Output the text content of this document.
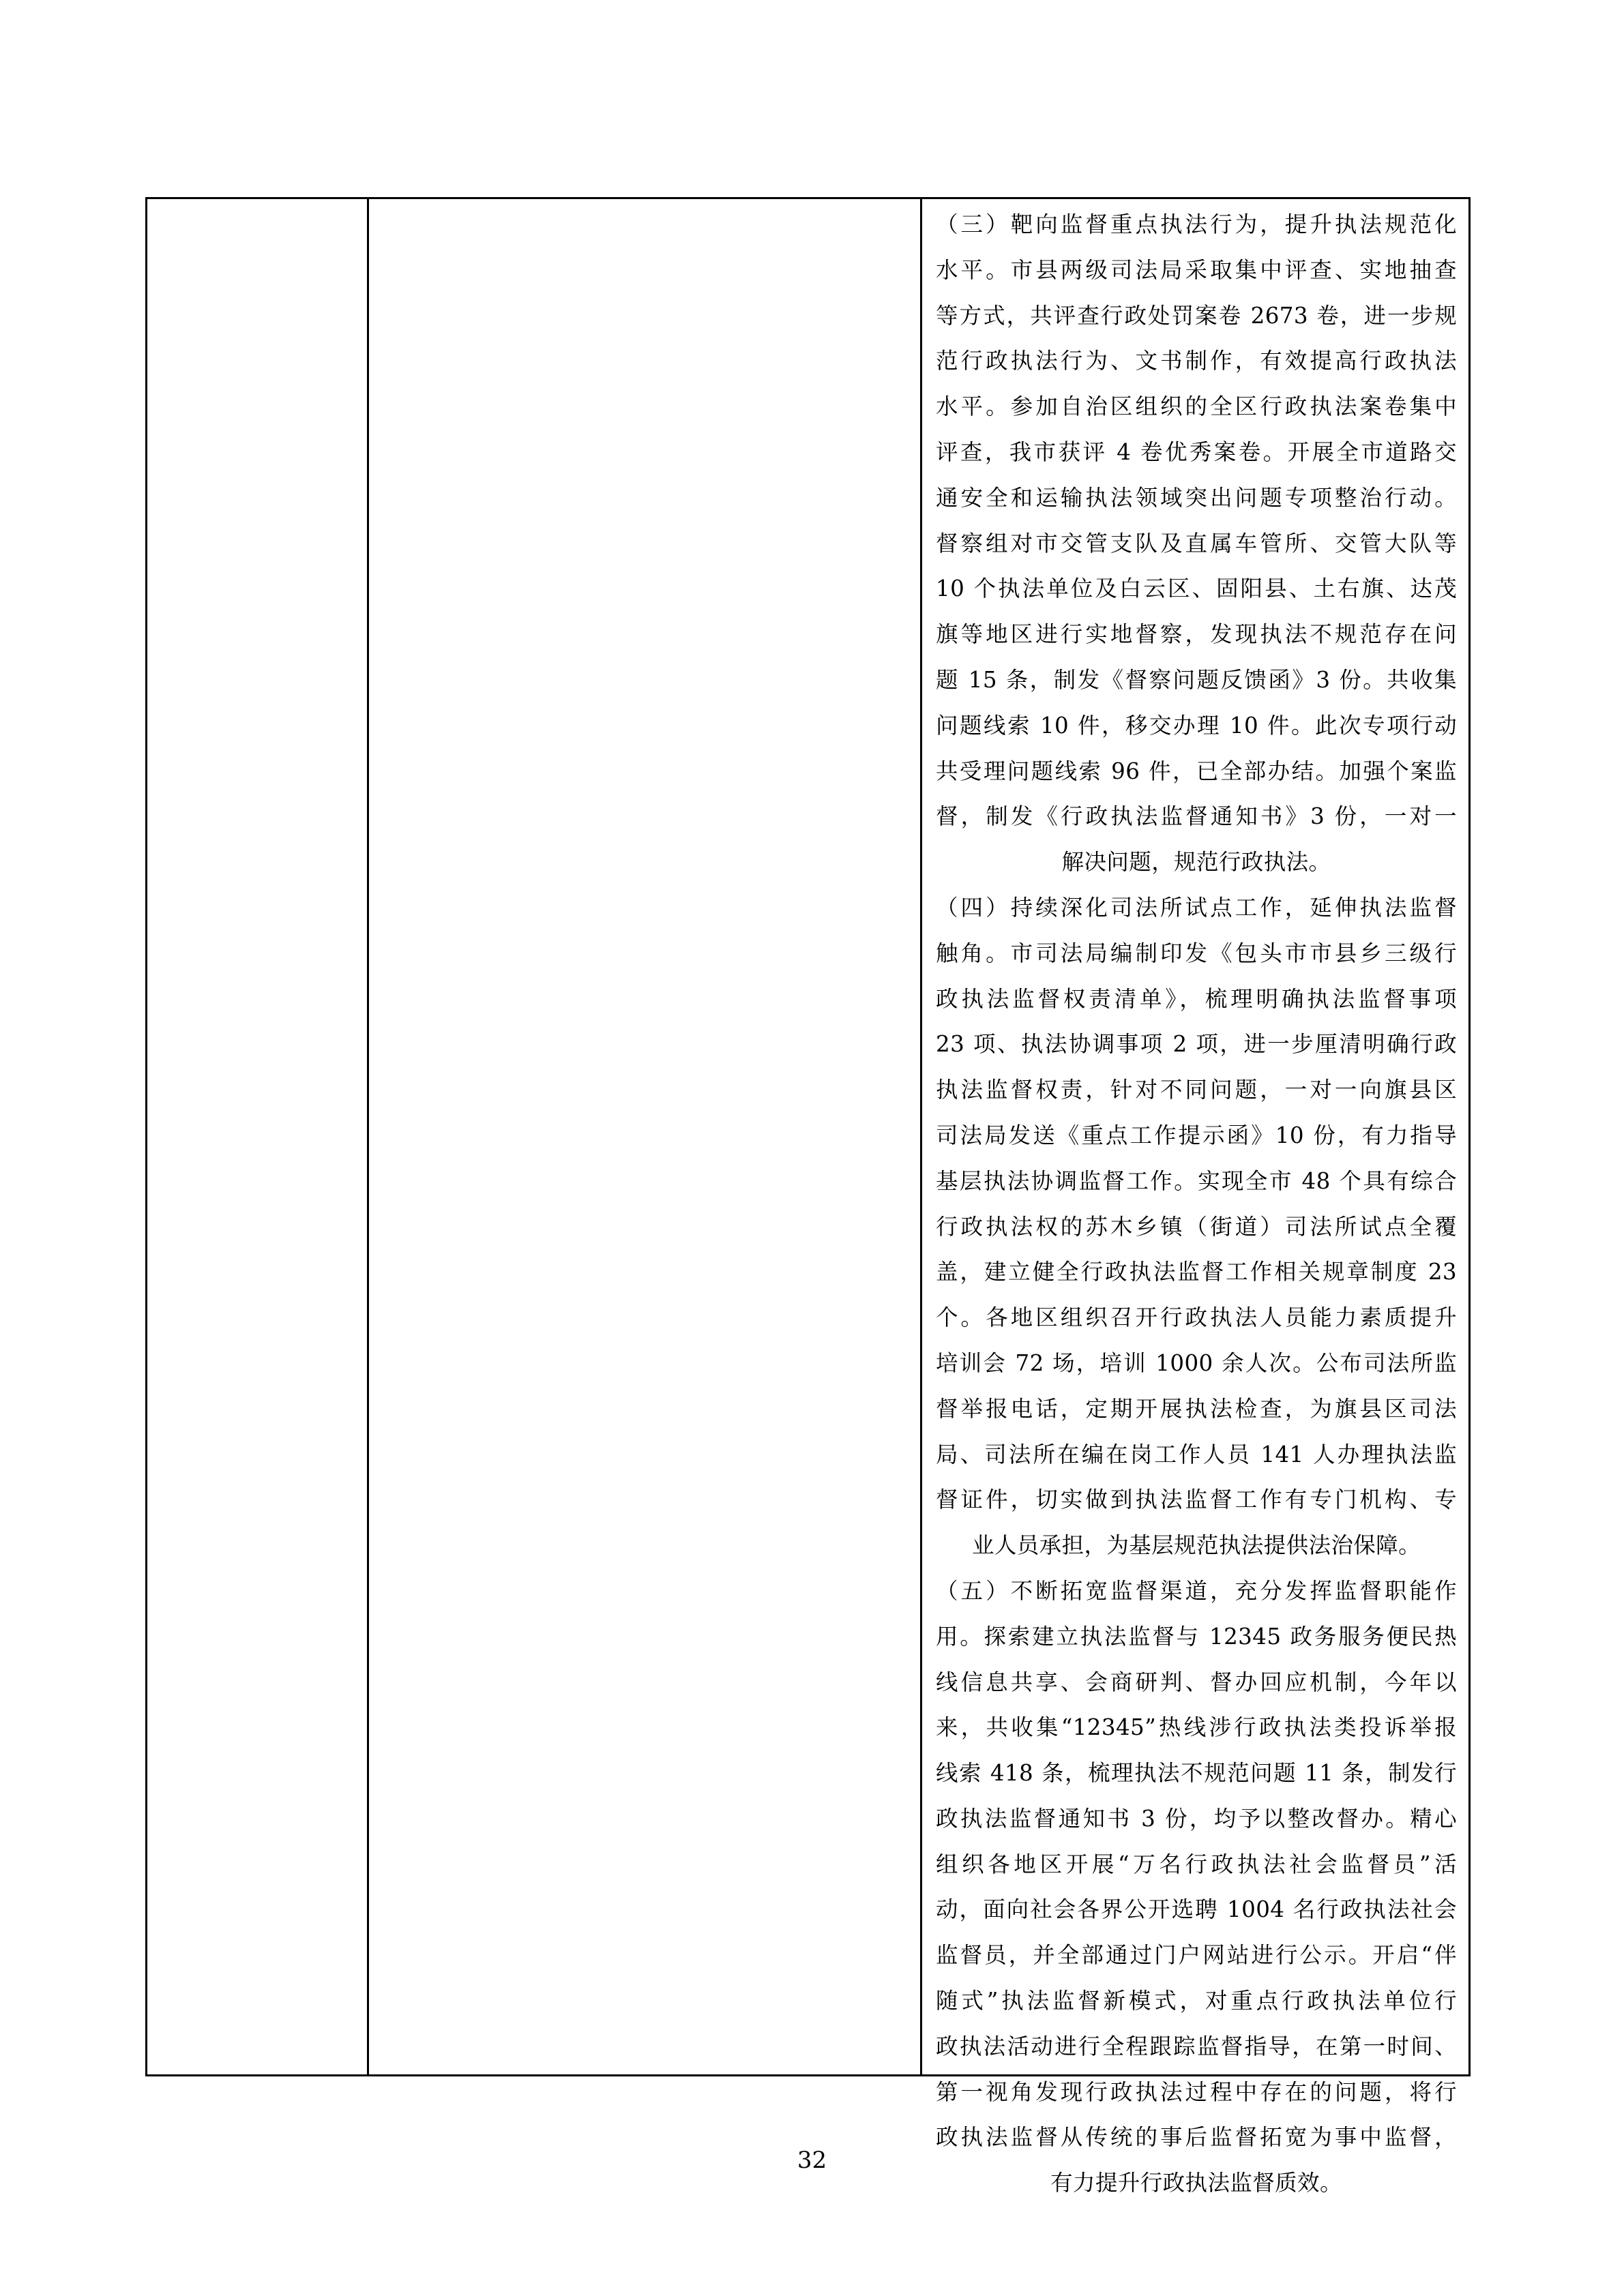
（三）靶向监督重点执法行为，提升执法规范化
水平。市县两级司法局采取集中评查、实地抽查
等方式，共评查行政处罚案卷 2673 卷，进一步规
范行政执法行为、文书制作，有效提高行政执法
水平。参加自治区组织的全区行政执法案卷集中
评查，我市获评 4 卷优秀案卷。开展全市道路交
通安全和运输执法领域突出问题专项整治行动。
督察组对市交管支队及直属车管所、交管大队等
10 个执法单位及白云区、固阳县、土右旗、达茂
旗等地区进行实地督察，发现执法不规范存在问
题 15 条，制发《督察问题反馈函》3 份。共收集
问题线索 10 件，移交办理 10 件。此次专项行动
共受理问题线索 96 件，已全部办结。加强个案监
督，制发《行政执法监督通知书》3 份，一对一
解决问题，规范行政执法。
（四）持续深化司法所试点工作，延伸执法监督
触角。市司法局编制印发《包头市市县乡三级行
政执法监督权责清单》，梳理明确执法监督事项
23 项、执法协调事项 2 项，进一步厘清明确行政
执法监督权责，针对不同问题，一对一向旗县区
司法局发送《重点工作提示函》10 份，有力指导
基层执法协调监督工作。实现全市 48 个具有综合
行政执法权的苏木乡镇（街道）司法所试点全覆
盖，建立健全行政执法监督工作相关规章制度 23
个。各地区组织召开行政执法人员能力素质提升
培训会 72 场，培训 1000 余人次。公布司法所监
督举报电话，定期开展执法检查，为旗县区司法
局、司法所在编在岗工作人员 141 人办理执法监
督证件，切实做到执法监督工作有专门机构、专
业人员承担，为基层规范执法提供法治保障。
（五）不断拓宽监督渠道，充分发挥监督职能作
用。探索建立执法监督与 12345 政务服务便民热
线信息共享、会商研判、督办回应机制，今年以
来，共收集“12345”热线涉行政执法类投诉举报
线索 418 条，梳理执法不规范问题 11 条，制发行
政执法监督通知书 3 份，均予以整改督办。精心
组织各地区开展“万名行政执法社会监督员”活
动，面向社会各界公开选聘 1004 名行政执法社会
监督员，并全部通过门户网站进行公示。开启“伴
随式”执法监督新模式，对重点行政执法单位行
政执法活动进行全程跟踪监督指导，在第一时间、
第一视角发现行政执法过程中存在的问题，将行
政执法监督从传统的事后监督拓宽为事中监督，
有力提升行政执法监督质效。
32
